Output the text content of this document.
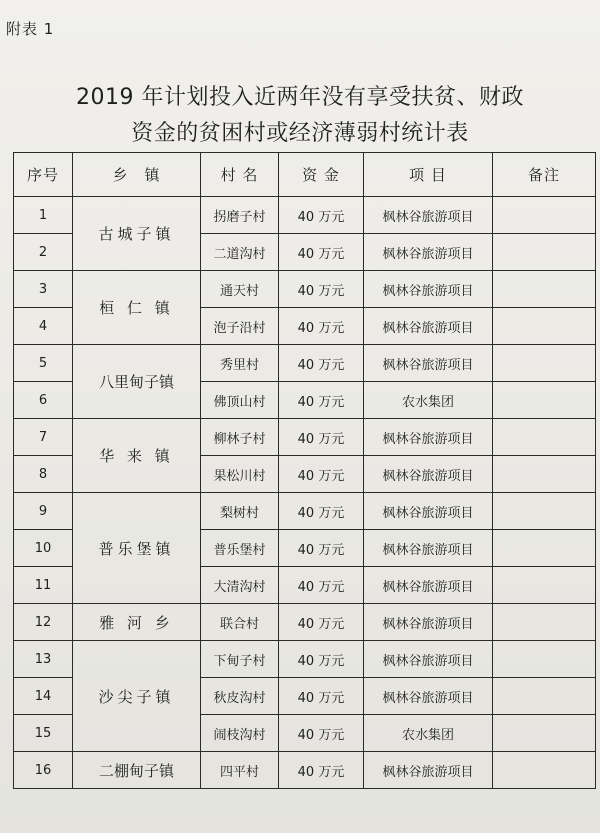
附表 1
2019 年计划投入近两年没有享受扶贫、财政
资金的贫困村或经济薄弱村统计表
序号	乡　镇	村 名	资 金	项 目	备注
1	古城子镇	拐磨子村	40 万元	枫林谷旅游项目	
2		二道沟村	40 万元	枫林谷旅游项目	
3	桓 仁 镇	通天村	40 万元	枫林谷旅游项目	
4		泡子沿村	40 万元	枫林谷旅游项目	
5	八里甸子镇	秀里村	40 万元	枫林谷旅游项目	
6		佛顶山村	40 万元	农水集团	
7	华 来 镇	柳林子村	40 万元	枫林谷旅游项目	
8		果松川村	40 万元	枫林谷旅游项目	
9	普乐堡镇	梨树村	40 万元	枫林谷旅游项目	
10		普乐堡村	40 万元	枫林谷旅游项目	
11		大清沟村	40 万元	枫林谷旅游项目	
12	雅 河 乡	联合村	40 万元	枫林谷旅游项目	
13	沙尖子镇	下甸子村	40 万元	枫林谷旅游项目	
14		秋皮沟村	40 万元	枫林谷旅游项目	
15		闹枝沟村	40 万元	农水集团	
16	二棚甸子镇	四平村	40 万元	枫林谷旅游项目	
